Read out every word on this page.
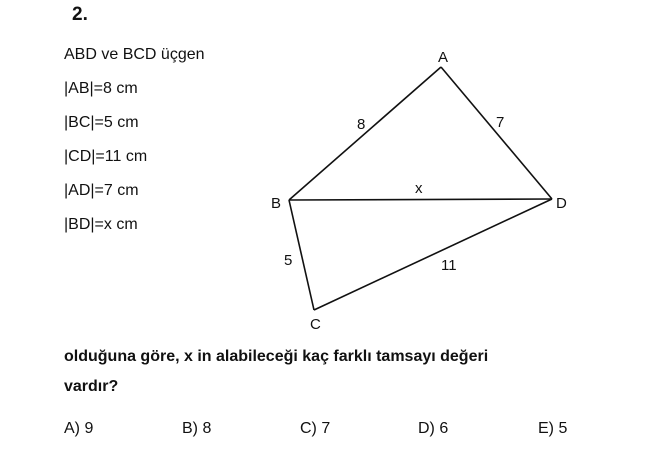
2.
ABD ve BCD üçgen
|AB|=8 cm
|BC|=5 cm
|CD|=11 cm
|AD|=7 cm
|BD|=x cm
A
B
C
D
8	7
x
5	11
olduğuna göre, x in alabileceği kaç farklı tamsayı değeri
vardır?
A) 9	B) 8	C) 7	D) 6	E) 5
